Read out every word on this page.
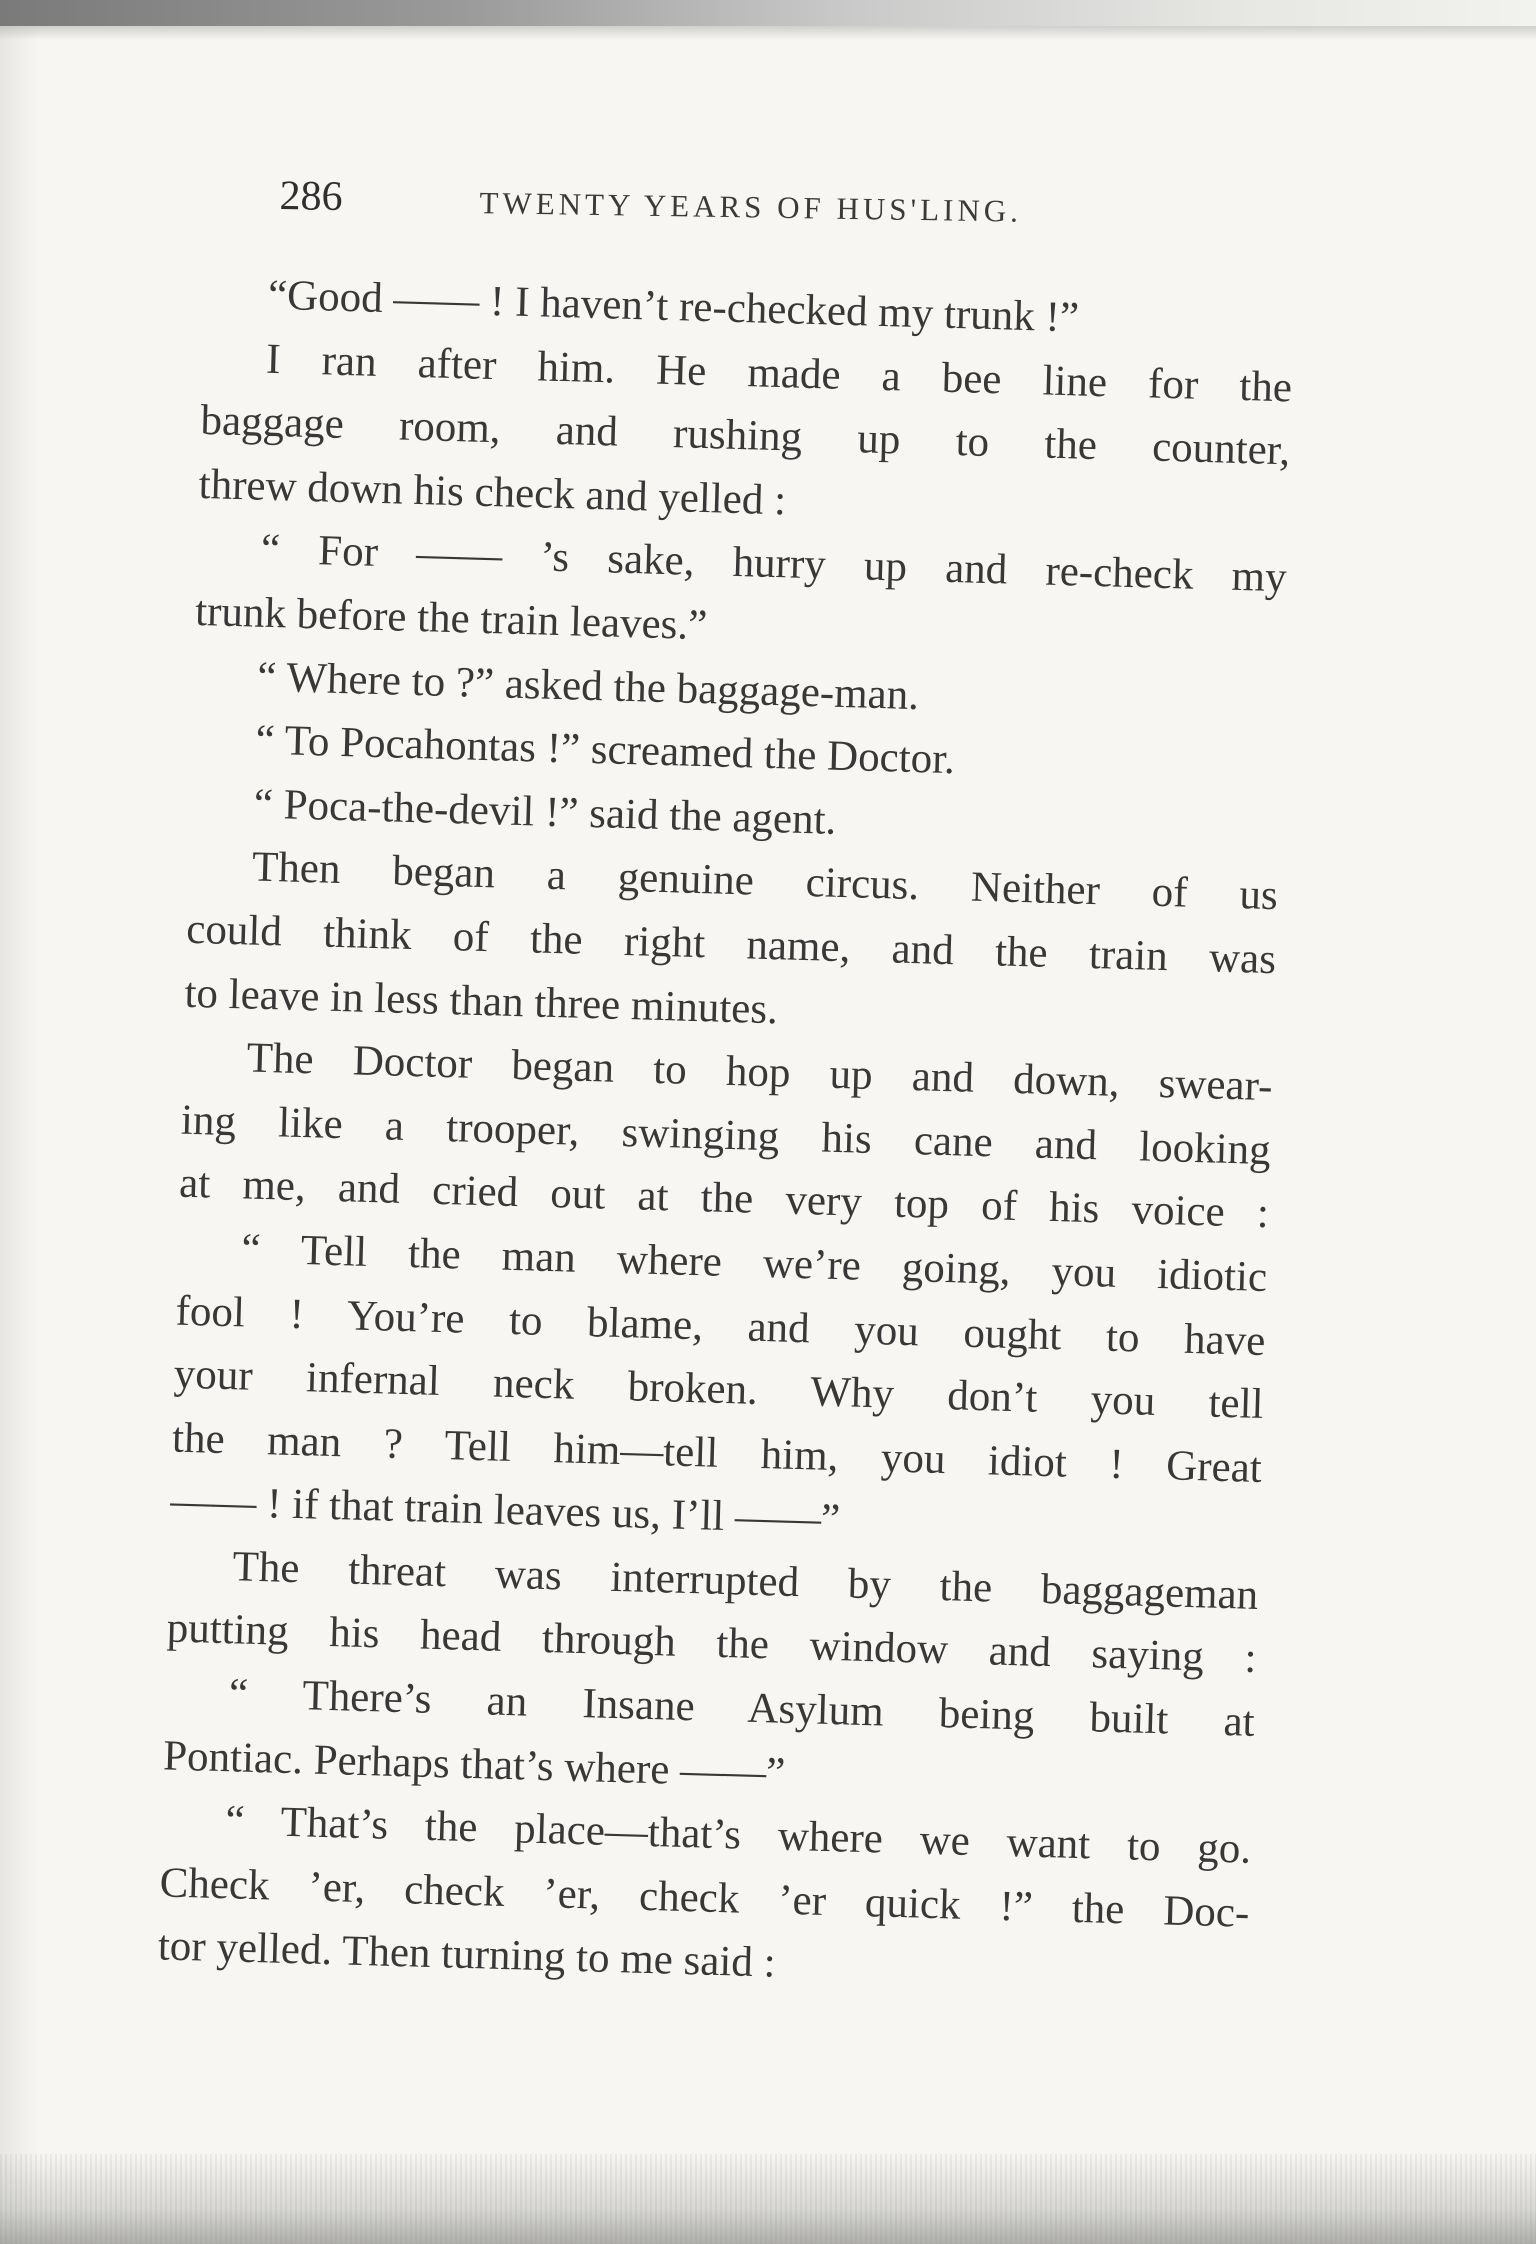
286	TWENTY YEARS OF HUS'LING.
“Good —— ! I haven’t re-checked my trunk !”
I ran after him. He made a bee line for the
baggage room, and rushing up to the counter,
threw down his check and yelled :
“ For —— ’s sake, hurry up and re-check my
trunk before the train leaves.”
“ Where to ?” asked the baggage-man.
“ To Pocahontas !” screamed the Doctor.
“ Poca-the-devil !” said the agent.
Then began a genuine circus. Neither of us
could think of the right name, and the train was
to leave in less than three minutes.
The Doctor began to hop up and down, swear-
ing like a trooper, swinging his cane and looking
at me, and cried out at the very top of his voice :
“ Tell the man where we’re going, you idiotic
fool ! You’re to blame, and you ought to have
your infernal neck broken. Why don’t you tell
the man ? Tell him—tell him, you idiot ! Great
—— ! if that train leaves us, I’ll ——”
The threat was interrupted by the baggageman
putting his head through the window and saying :
“ There’s an Insane Asylum being built at
Pontiac. Perhaps that’s where ——”
“ That’s the place—that’s where we want to go.
Check ’er, check ’er, check ’er quick !” the Doc-
tor yelled. Then turning to me said :
